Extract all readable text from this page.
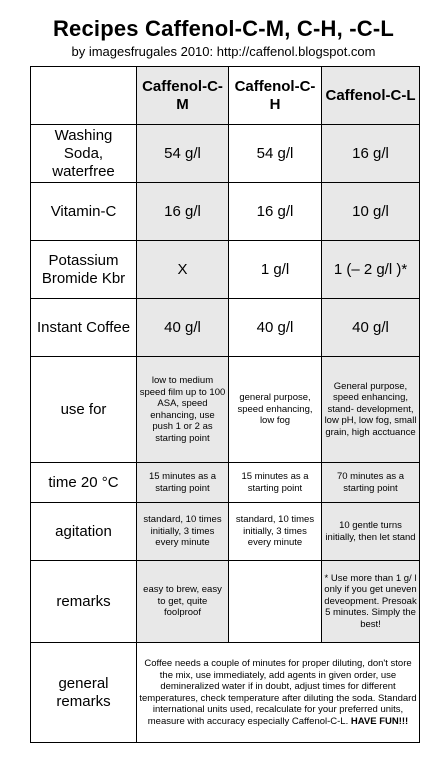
Recipes Caffenol-C-M, C-H, -C-L
by imagesfrugales 2010: http://caffenol.blogspot.com
	Caffenol-C-M	Caffenol-C-H	Caffenol-C-L
Washing Soda, waterfree	54 g/l	54 g/l	16 g/l
Vitamin-C	16 g/l	16 g/l	10 g/l
Potassium Bromide Kbr	X	1 g/l	1 (– 2 g/l )*
Instant Coffee	40 g/l	40 g/l	40 g/l
use for	low to medium speed film up to 100 ASA, speed enhancing, use push 1 or 2 as starting point	general purpose, speed enhancing, low fog	General purpose, speed enhancing, stand- development, low pH, low fog, small grain, high acctuance
time 20 °C	15 minutes as a starting point	15 minutes as a starting point	70 minutes as a starting point
agitation	standard, 10 times initially, 3 times every minute	standard, 10 times initially, 3 times every minute	10 gentle turns initially, then let stand
remarks	easy to brew, easy to get, quite foolproof		* Use more than 1 g/ l only if you get uneven deveopment. Presoak 5 minutes. Simply the best!
general remarks	Coffee needs a couple of minutes for proper diluting, don't store the mix, use immediately, add agents in given order, use demineralized water if in doubt, adjust times for different temperatures, check temperature after diluting the soda. Standard international units used, recalculate for your preferred units, measure with accuracy especially Caffenol-C-L. HAVE FUN!!!		
